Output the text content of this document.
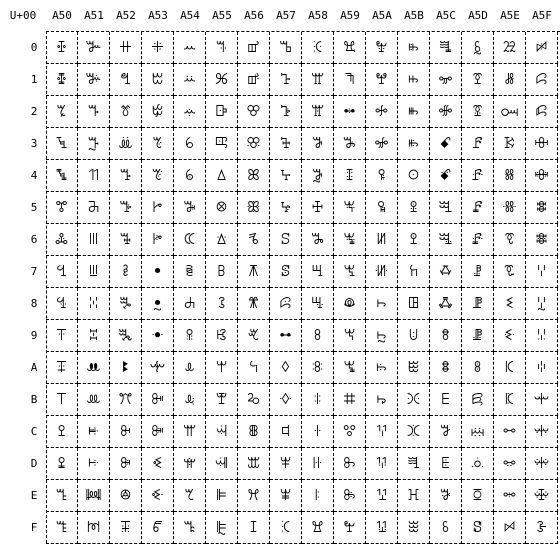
U+00	A50	A51	A52	A53	A54	A55	A56	A57	A58	A59	A5A	A5B	A5C	A5D	A5E	A5F
0	ꔀ	ꔐ	ꔠ	ꔰ	ꕀ	ꕐ	ꕠ	ꕰ	ꖀ	ꖐ	ꖠ	ꖰ	ꗀ	ꗐ	ꗠ	ꗰ
1	ꔁ	ꔑ	ꔡ	ꔱ	ꕁ	ꕑ	ꕡ	ꕱ	ꖁ	ꖑ	ꖡ	ꖱ	ꗁ	ꗑ	ꗡ	ꗱ
2	ꔂ	ꔒ	ꔢ	ꔲ	ꕂ	ꕒ	ꕢ	ꕲ	ꖂ	ꖒ	ꖢ	ꖲ	ꗂ	ꗒ	ꗢ	ꗲ
3	ꔃ	ꔓ	ꔣ	ꔳ	ꕃ	ꕓ	ꕣ	ꕳ	ꖃ	ꖓ	ꖣ	ꖳ	ꗃ	ꗓ	ꗣ	ꗳ
4	ꔄ	ꔔ	ꔤ	ꔴ	ꕄ	ꕔ	ꕤ	ꕴ	ꖄ	ꖔ	ꖤ	ꖴ	ꗄ	ꗔ	ꗤ	ꗴ
5	ꔅ	ꔕ	ꔥ	ꔵ	ꕅ	ꕕ	ꕥ	ꕵ	ꖅ	ꖕ	ꖥ	ꖵ	ꗅ	ꗕ	ꗥ	ꗵ
6	ꔆ	ꔖ	ꔦ	ꔶ	ꕆ	ꕖ	ꕦ	ꕶ	ꖆ	ꖖ	ꖦ	ꖶ	ꗆ	ꗖ	ꗦ	ꗶ
7	ꔇ	ꔗ	ꔧ	ꔷ	ꕇ	ꕗ	ꕧ	ꕷ	ꖇ	ꖗ	ꖧ	ꖷ	ꗇ	ꗗ	ꗧ	ꗷ
8	ꔈ	ꔘ	ꔨ	ꔸ	ꕈ	ꕘ	ꕨ	ꕸ	ꖈ	ꖘ	ꖨ	ꖸ	ꗈ	ꗘ	ꗨ	ꗸ
9	ꔉ	ꔙ	ꔩ	ꔹ	ꕉ	ꕙ	ꕩ	ꕹ	ꖉ	ꖙ	ꖩ	ꖹ	ꗉ	ꗙ	ꗩ	ꗹ
A	ꔊ	ꔚ	ꔪ	ꔺ	ꕊ	ꕚ	ꕪ	ꕺ	ꖊ	ꖚ	ꖪ	ꖺ	ꗊ	ꗚ	ꗪ	ꗺ
B	ꔋ	ꔛ	ꔫ	ꔻ	ꕋ	ꕛ	ꕫ	ꕻ	ꖋ	ꖛ	ꖫ	ꖻ	ꗋ	ꗛ	ꗫ	ꗻ
C	ꔌ	ꔜ	ꔬ	ꔼ	ꕌ	ꕜ	ꕬ	ꕼ	ꖌ	ꖜ	ꖬ	ꖼ	ꗌ	ꗜ	ꗬ	ꗼ
D	ꔍ	ꔝ	ꔭ	ꔽ	ꕍ	ꕝ	ꕭ	ꕽ	ꖍ	ꖝ	ꖭ	ꖽ	ꗍ	ꗝ	ꗭ	ꗽ
E	ꔎ	ꔞ	ꔮ	ꔾ	ꕎ	ꕞ	ꕮ	ꕾ	ꖎ	ꖞ	ꖮ	ꖾ	ꗎ	ꗞ	ꗮ	ꗾ
F	ꔏ	ꔟ	ꔯ	ꔿ	ꕏ	ꕟ	ꕯ	ꕿ	ꖏ	ꖟ	ꖯ	ꖿ	ꗏ	ꗟ	ꗯ	ꗿ
